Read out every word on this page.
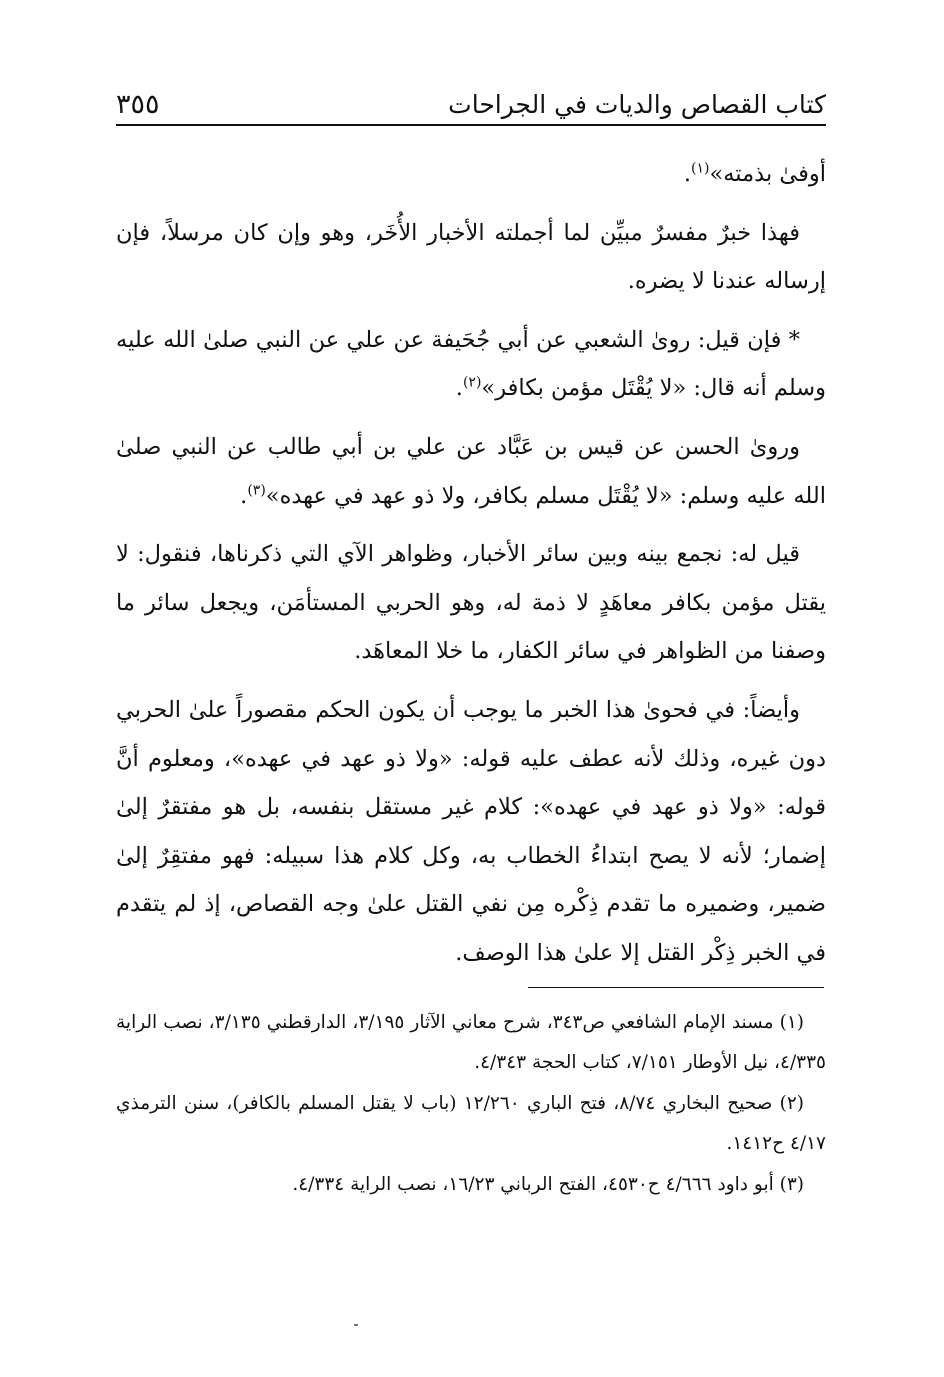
كتاب القصاص والديات في الجراحات
٣٥٥

أوفىٰ بذمته»$^{(١)}$.

فهذا خبرٌ مفسرٌ مبيِّن لما أجملته الأخبار الأُخَر، وهو وإن كان مرسلاً، فإن إرساله عندنا لا يضره.

* فإن قيل: روىٰ الشعبي عن أبي جُحَيفة عن علي عن النبي صلىٰ الله عليه وسلم أنه قال: «لا يُقْتَل مؤمن بكافر»$^{(٢)}$.

وروىٰ الحسن عن قيس بن عَبَّاد عن علي بن أبي طالب عن النبي صلىٰ الله عليه وسلم: «لا يُقْتَل مسلم بكافر، ولا ذو عهد في عهده»$^{(٣)}$.

قيل له: نجمع بينه وبين سائر الأخبار، وظواهر الآي التي ذكرناها، فنقول: لا يقتل مؤمن بكافر معاهَدٍ لا ذمة له، وهو الحربي المستأمَن، ويجعل سائر ما وصفنا من الظواهر في سائر الكفار، ما خلا المعاهَد.

وأيضاً: في فحوىٰ هذا الخبر ما يوجب أن يكون الحكم مقصوراً علىٰ الحربي دون غيره، وذلك لأنه عطف عليه قوله: «ولا ذو عهد في عهده»، ومعلوم أنَّ قوله: «ولا ذو عهد في عهده»: كلام غير مستقل بنفسه، بل هو مفتقرٌ إلىٰ إضمار؛ لأنه لا يصح ابتداءُ الخطاب به، وكل كلام هذا سبيله: فهو مفتقِرٌ إلىٰ ضمير، وضميره ما تقدم ذِكْره مِن نفي القتل علىٰ وجه القصاص، إذ لم يتقدم في الخبر ذِكْر القتل إلا علىٰ هذا الوصف.

(١) مسند الإمام الشافعي ص٣٤٣، شرح معاني الآثار ٣/١٩٥، الدارقطني ٣/١٣٥، نصب الراية ٤/٣٣٥، نيل الأوطار ٧/١٥١، كتاب الحجة ٤/٣٤٣.

(٢) صحيح البخاري ٨/٧٤، فتح الباري ١٢/٢٦٠ (باب لا يقتل المسلم بالكافر)، سنن الترمذي ٤/١٧ ح١٤١٢.

(٣) أبو داود ٤/٦٦٦ ح٤٥٣٠، الفتح الرباني ١٦/٢٣، نصب الراية ٤/٣٣٤.
